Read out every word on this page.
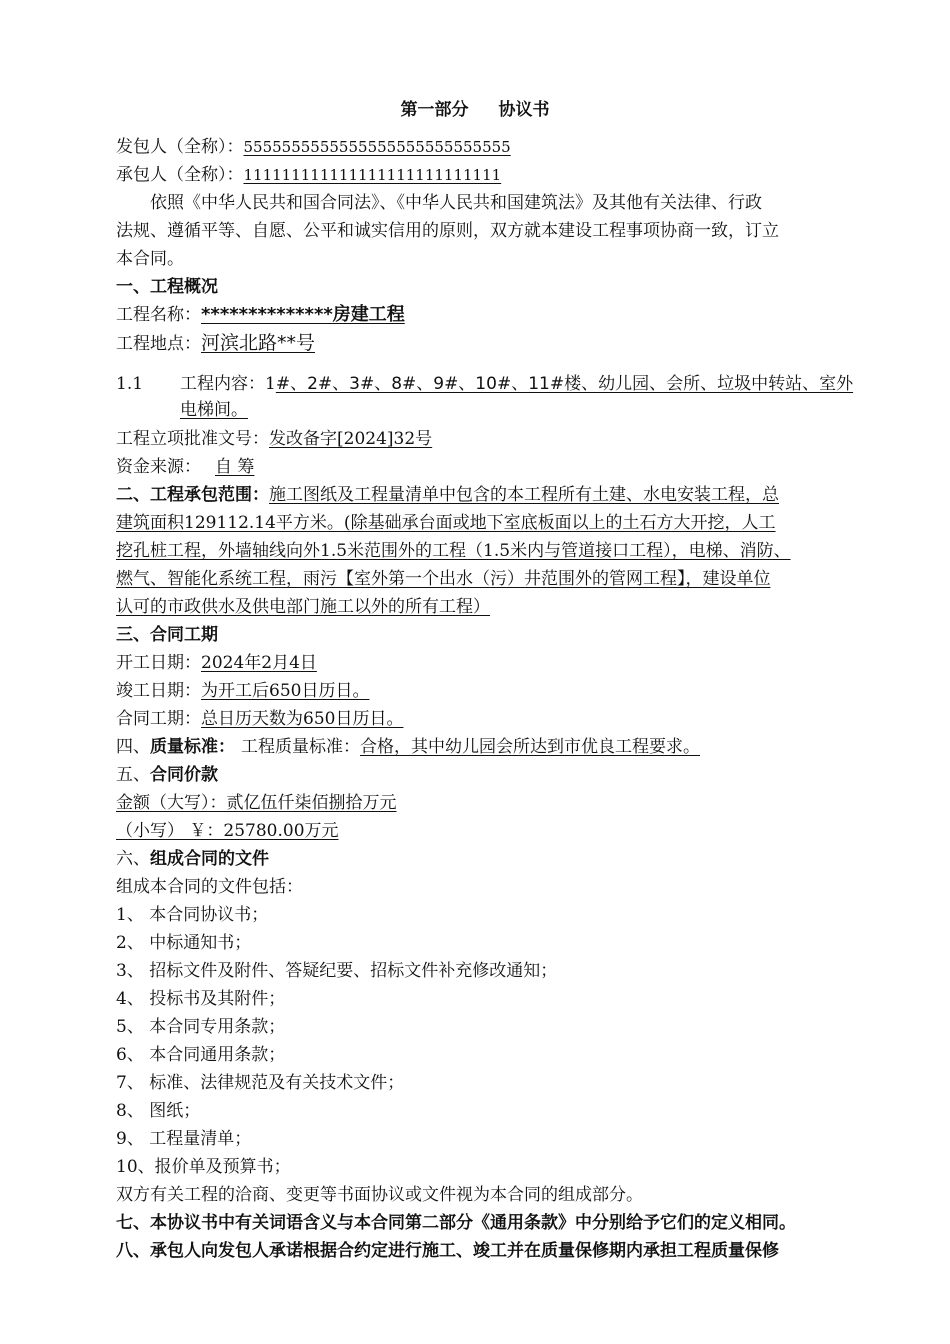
第一部分 协议书
发包人（全称）：5555555555555555555555555555
承包人（全称）：111111111111111111111111111
依照《中华人民共和国合同法》、《中华人民共和国建筑法》及其他有关法律、行政
法规、遵循平等、自愿、公平和诚实信用的原则，双方就本建设工程事项协商一致，订立
本合同。
一、工程概况
工程名称：**************房建工程
工程地点：河滨北路**号
1.1 工程内容：1#、2#、3#、8#、9#、10#、11#楼、幼儿园、会所、垃圾中转站、室外
电梯间。
工程立项批准文号：发改备字[2024]32号
资金来源： 自 筹
二、工程承包范围：施工图纸及工程量清单中包含的本工程所有土建、水电安装工程，总
建筑面积129112.14平方米。(除基础承台面或地下室底板面以上的土石方大开挖，人工
挖孔桩工程，外墙轴线向外1.5米范围外的工程（1.5米内与管道接口工程），电梯、消防、
燃气、智能化系统工程，雨污【室外第一个出水（污）井范围外的管网工程】，建设单位
认可的市政供水及供电部门施工以外的所有工程）
三、合同工期
开工日期：2024年2月4日
竣工日期：为开工后650日历日。
合同工期：总日历天数为650日历日。
四、质量标准： 工程质量标准：合格，其中幼儿园会所达到市优良工程要求。
五、合同价款
金额（大写）：贰亿伍仟柒佰捌拾万元
（小写） ￥：25780.00万元
六、组成合同的文件
组成本合同的文件包括：
1、 本合同协议书；
2、 中标通知书；
3、 招标文件及附件、答疑纪要、招标文件补充修改通知；
4、 投标书及其附件；
5、 本合同专用条款；
6、 本合同通用条款；
7、 标准、法律规范及有关技术文件；
8、 图纸；
9、 工程量清单；
10、报价单及预算书；
双方有关工程的洽商、变更等书面协议或文件视为本合同的组成部分。
七、本协议书中有关词语含义与本合同第二部分《通用条款》中分别给予它们的定义相同。
八、承包人向发包人承诺根据合约定进行施工、竣工并在质量保修期内承担工程质量保修
